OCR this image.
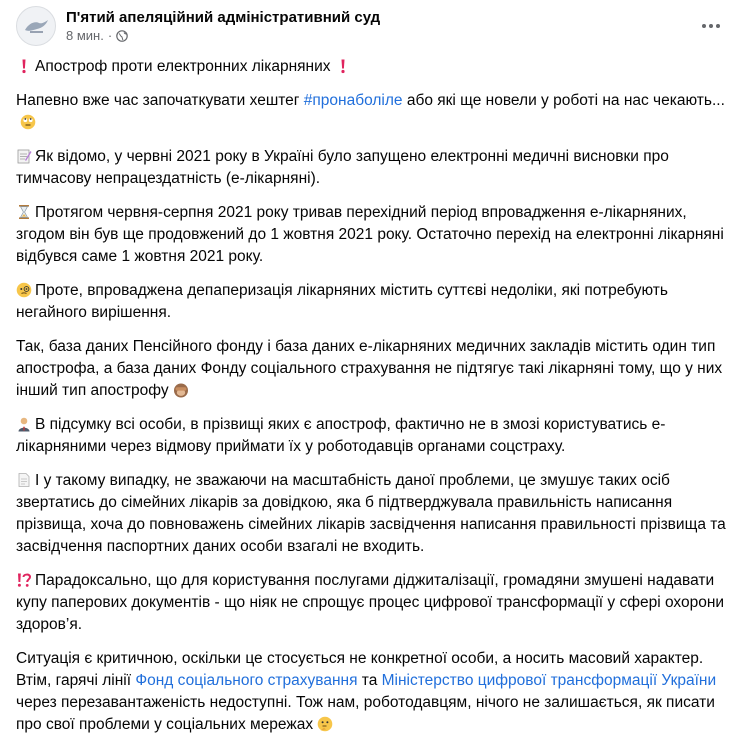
П'ятий апеляційний адміністративний суд
8 мин. ·

Апостроф проти електронних лікарняних

Напевно вже час започаткувати хештег #пронаболіле або які ще новели у роботі на нас чекають...

Як відомо, у червні 2021 року в Україні було запущено електронні медичні висновки про тимчасову непрацездатність (е-лікарняні).

Протягом червня-серпня 2021 року тривав перехідний період впровадження е-лікарняних, згодом він був ще продовжений до 1 жовтня 2021 року. Остаточно перехід на електронні лікарняні відбувся саме 1 жовтня 2021 року.

Проте, впроваджена депаперизація лікарняних містить суттєві недоліки, які потребують негайного вирішення.

Так, база даних Пенсійного фонду і база даних е-лікарняних медичних закладів містить один тип апострофа, а база даних Фонду соціального страхування не підтягує такі лікарняні тому, що у них інший тип апострофу

В підсумку всі особи, в прізвищі яких є апостроф, фактично не в змозі користуватись е-лікарняними через відмову приймати їх у роботодавців органами соцстраху.

І у такому випадку, не зважаючи на масштабність даної проблеми, це змушує таких осіб звертатись до сімейних лікарів за довідкою, яка б підтверджувала правильність написання прізвища, хоча до повноважень сімейних лікарів засвідчення написання правильності прізвища та засвідчення паспортних даних особи взагалі не входить.

Парадоксально, що для користування послугами діджиталізації, громадяни змушені надавати купу паперових документів - що ніяк не спрощує процес цифрової трансформації у сфері охорони здоров’я.

Ситуація є критичною, оскільки це стосується не конкретної особи, а носить масовий характер.

Втім, гарячі лінії Фонд соціального страхування та Міністерство цифрової трансформації України через перезавантаженість недоступні. Тож нам, роботодавцям, нічого не залишається, як писати про свої проблеми у соціальних мережах
